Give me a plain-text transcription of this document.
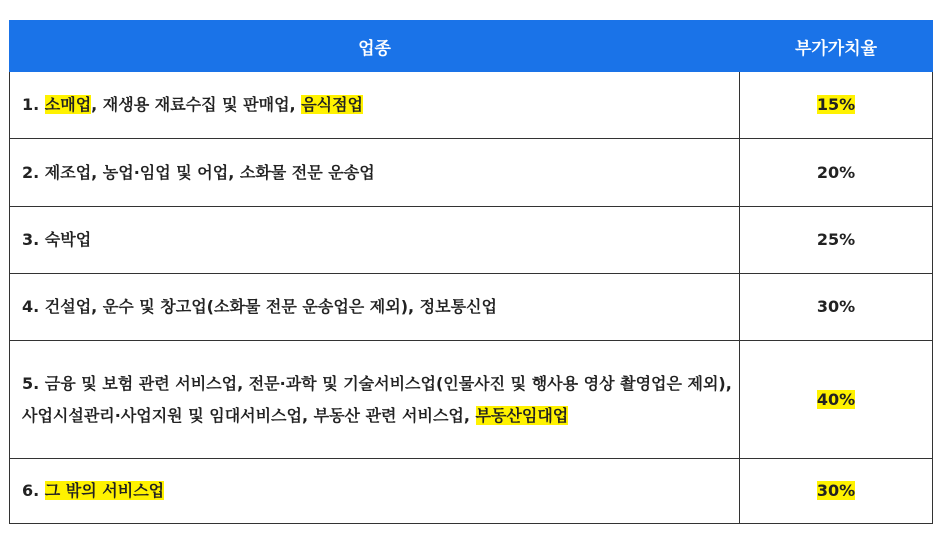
업종	부가가치율
1. 소매업, 재생용 재료수집 및 판매업, 음식점업	15%
2. 제조업, 농업·임업 및 어업, 소화물 전문 운송업	20%
3. 숙박업	25%
4. 건설업, 운수 및 창고업(소화물 전문 운송업은 제외), 정보통신업	30%
5. 금융 및 보험 관련 서비스업, 전문·과학 및 기술서비스업(인물사진 및 행사용 영상 촬영업은 제외), 사업시설관리·사업지원 및 임대서비스업, 부동산 관련 서비스업, 부동산임대업	40%
6. 그 밖의 서비스업	30%
